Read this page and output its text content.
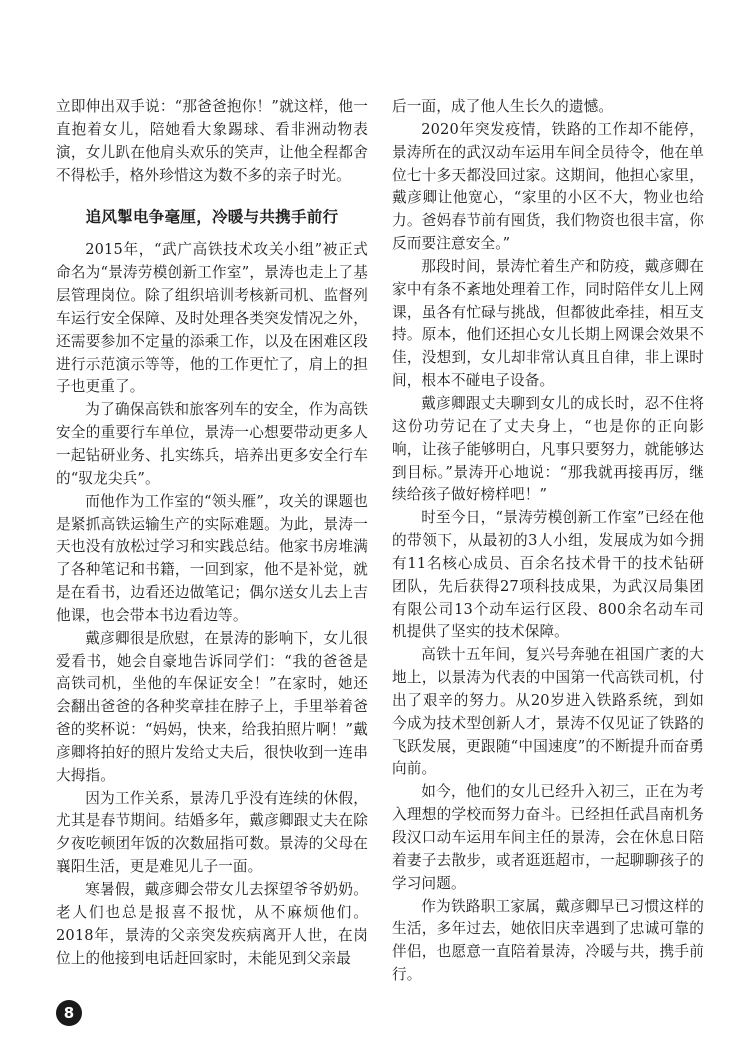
立即伸出双手说：“那爸爸抱你！”就这样，他一直抱着女儿，陪她看大象踢球、看非洲动物表演，女儿趴在他肩头欢乐的笑声，让他全程都舍不得松手，格外珍惜这为数不多的亲子时光。

追风掣电争毫厘，冷暖与共携手前行

2015年，“武广高铁技术攻关小组”被正式命名为“景涛劳模创新工作室”，景涛也走上了基层管理岗位。除了组织培训考核新司机、监督列车运行安全保障、及时处理各类突发情况之外，还需要参加不定量的添乘工作，以及在困难区段进行示范演示等等，他的工作更忙了，肩上的担子也更重了。

为了确保高铁和旅客列车的安全，作为高铁安全的重要行车单位，景涛一心想要带动更多人一起钻研业务、扎实练兵，培养出更多安全行车的“驭龙尖兵”。

而他作为工作室的“领头雁”，攻关的课题也是紧抓高铁运输生产的实际难题。为此，景涛一天也没有放松过学习和实践总结。他家书房堆满了各种笔记和书籍，一回到家，他不是补觉，就是在看书，边看还边做笔记；偶尔送女儿去上吉他课，也会带本书边看边等。

戴彦卿很是欣慰，在景涛的影响下，女儿很爱看书，她会自豪地告诉同学们：“我的爸爸是高铁司机，坐他的车保证安全！”在家时，她还会翻出爸爸的各种奖章挂在脖子上，手里举着爸爸的奖杯说：“妈妈，快来，给我拍照片啊！”戴彦卿将拍好的照片发给丈夫后，很快收到一连串大拇指。

因为工作关系，景涛几乎没有连续的休假，尤其是春节期间。结婚多年，戴彦卿跟丈夫在除夕夜吃顿团年饭的次数屈指可数。景涛的父母在襄阳生活，更是难见儿子一面。

寒暑假，戴彦卿会带女儿去探望爷爷奶奶。老人们也总是报喜不报忧，从不麻烦他们。2018年，景涛的父亲突发疾病离开人世，在岗位上的他接到电话赶回家时，未能见到父亲最

后一面，成了他人生长久的遗憾。

2020年突发疫情，铁路的工作却不能停，景涛所在的武汉动车运用车间全员待令，他在单位七十多天都没回过家。这期间，他担心家里，戴彦卿让他宽心，“家里的小区不大，物业也给力。爸妈春节前有囤货，我们物资也很丰富，你反而要注意安全。”

那段时间，景涛忙着生产和防疫，戴彦卿在家中有条不紊地处理着工作，同时陪伴女儿上网课，虽各有忙碌与挑战，但都彼此牵挂，相互支持。原本，他们还担心女儿长期上网课会效果不佳，没想到，女儿却非常认真且自律，非上课时间，根本不碰电子设备。

戴彦卿跟丈夫聊到女儿的成长时，忍不住将这份功劳记在了丈夫身上，“也是你的正向影响，让孩子能够明白，凡事只要努力，就能够达到目标。”景涛开心地说：“那我就再接再厉，继续给孩子做好榜样吧！”

时至今日，“景涛劳模创新工作室”已经在他的带领下，从最初的3人小组，发展成为如今拥有11名核心成员、百余名技术骨干的技术钻研团队，先后获得27项科技成果，为武汉局集团有限公司13个动车运行区段、800余名动车司机提供了坚实的技术保障。

高铁十五年间，复兴号奔驰在祖国广袤的大地上，以景涛为代表的中国第一代高铁司机，付出了艰辛的努力。从20岁进入铁路系统，到如今成为技术型创新人才，景涛不仅见证了铁路的飞跃发展，更跟随“中国速度”的不断提升而奋勇向前。

如今，他们的女儿已经升入初三，正在为考入理想的学校而努力奋斗。已经担任武昌南机务段汉口动车运用车间主任的景涛，会在休息日陪着妻子去散步，或者逛逛超市，一起聊聊孩子的学习问题。

作为铁路职工家属，戴彦卿早已习惯这样的生活，多年过去，她依旧庆幸遇到了忠诚可靠的伴侣，也愿意一直陪着景涛，冷暖与共，携手前行。

8
